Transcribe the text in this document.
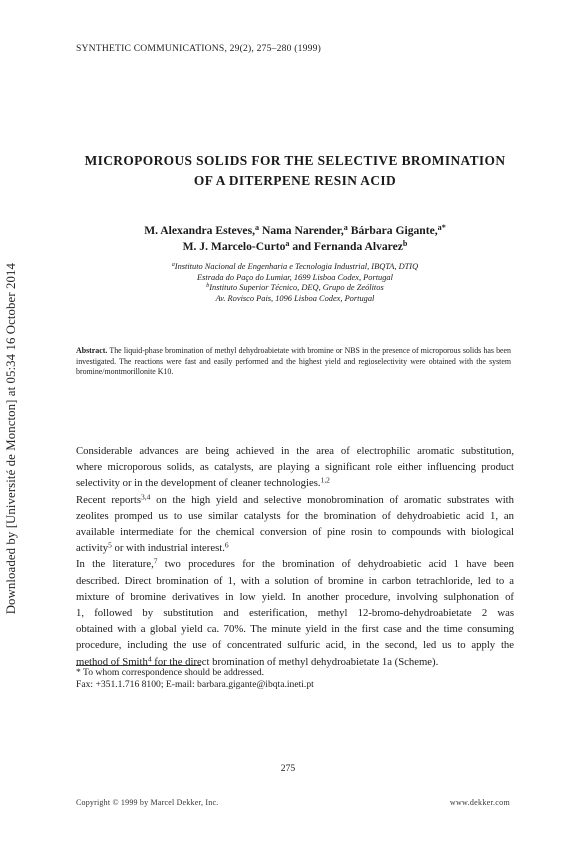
Downloaded by [Université de Moncton] at 05:34 16 October 2014
SYNTHETIC COMMUNICATIONS, 29(2), 275–280 (1999)
MICROPOROUS SOLIDS FOR THE SELECTIVE BROMINATION
OF A DITERPENE RESIN ACID
M. Alexandra Esteves,$^a$ Nama Narender,$^a$ Bárbara Gigante,$^{a*}$
M. J. Marcelo-Curto$^a$ and Fernanda Alvarez$^b$
$^a$Instituto Nacional de Engenharia e Tecnologia Industrial, IBQTA, DTIQ
Estrada do Paço do Lumiar, 1699 Lisboa Codex, Portugal
$^b$Instituto Superior Técnico, DEQ, Grupo de Zeólitos
Av. Rovisco Pais, 1096 Lisboa Codex, Portugal
Abstract. The liquid-phase bromination of methyl dehydroabietate with bromine or NBS in the presence of microporous solids has been investigated. The reactions were fast and easily performed and the highest yield and regioselectivity were obtained with the system bromine/montmorillonite K10.
Considerable advances are being achieved in the area of electrophilic aromatic substitution,
where microporous solids, as catalysts, are playing a significant role either influencing product
selectivity or in the development of cleaner technologies.$^{1,2}$
Recent reports$^{3,4}$ on the high yield and selective monobromination of aromatic substrates with
zeolites promped us to use similar catalysts for the bromination of dehydroabietic acid 1, an
available intermediate for the chemical conversion of pine rosin to compounds with biological
activity$^5$ or with industrial interest.$^6$
In the literature,$^7$ two procedures for the bromination of dehydroabietic acid 1 have been
described. Direct bromination of 1, with a solution of bromine in carbon tetrachloride, led to a
mixture of bromine derivatives in low yield. In another procedure, involving sulphonation of
1, followed by substitution and esterification, methyl 12-bromo-dehydroabietate 2 was
obtained with a global yield ca. 70%. The minute yield in the first case and the time consuming
procedure, including the use of concentrated sulfuric acid, in the second, led us to apply the
method of Smith$^4$ for the direct bromination of methyl dehydroabietate 1a (Scheme).
* To whom correspondence should be addressed.
Fax: +351.1.716 8100; E-mail: barbara.gigante@ibqta.ineti.pt
275
Copyright © 1999 by Marcel Dekker, Inc.	www.dekker.com
